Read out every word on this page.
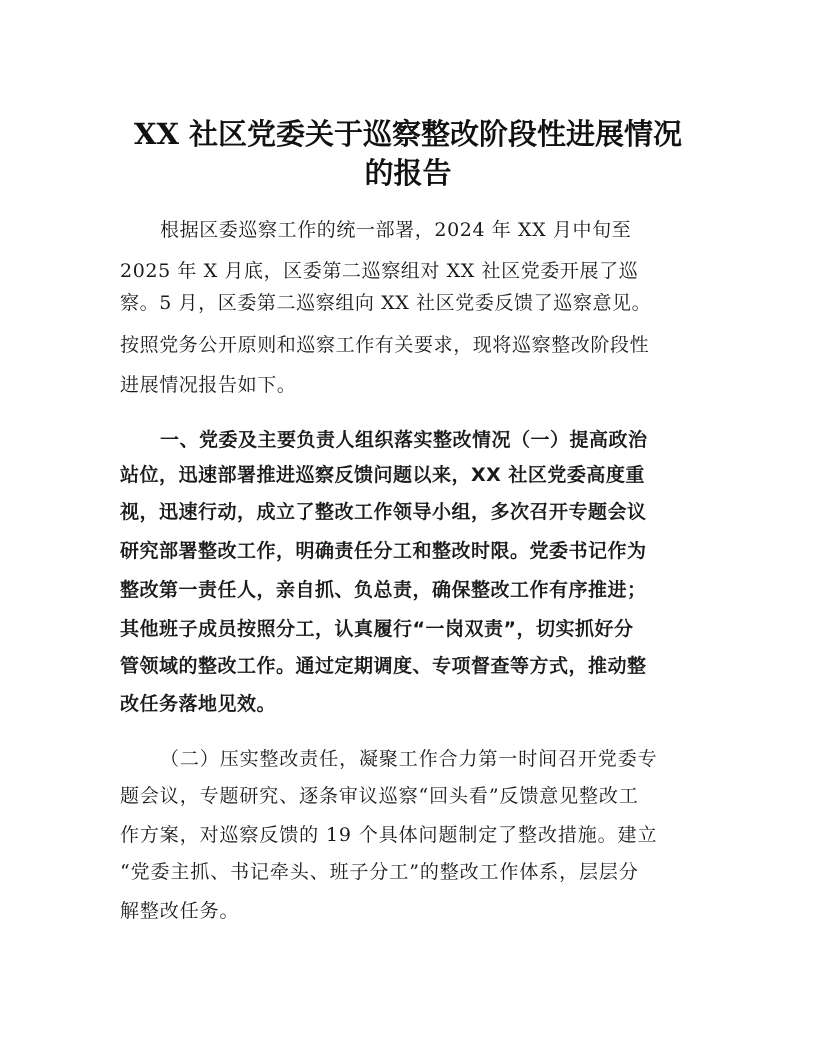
XX 社区党委关于巡察整改阶段性进展情况
的报告

根据区委巡察工作的统一部署，2024 年 XX 月中旬至

2025 年 X 月底，区委第二巡察组对 XX 社区党委开展了巡

察。5 月，区委第二巡察组向 XX 社区党委反馈了巡察意见。

按照党务公开原则和巡察工作有关要求，现将巡察整改阶段性

进展情况报告如下。

一、党委及主要负责人组织落实整改情况（一）提高政治

站位，迅速部署推进巡察反馈问题以来，XX 社区党委高度重

视，迅速行动，成立了整改工作领导小组，多次召开专题会议

研究部署整改工作，明确责任分工和整改时限。党委书记作为

整改第一责任人，亲自抓、负总责，确保整改工作有序推进；

其他班子成员按照分工，认真履行“一岗双责”，切实抓好分

管领域的整改工作。通过定期调度、专项督查等方式，推动整

改任务落地见效。

（二）压实整改责任，凝聚工作合力第一时间召开党委专

题会议，专题研究、逐条审议巡察“回头看”反馈意见整改工

作方案，对巡察反馈的 19 个具体问题制定了整改措施。建立

“党委主抓、书记牵头、班子分工”的整改工作体系，层层分

解整改任务。
